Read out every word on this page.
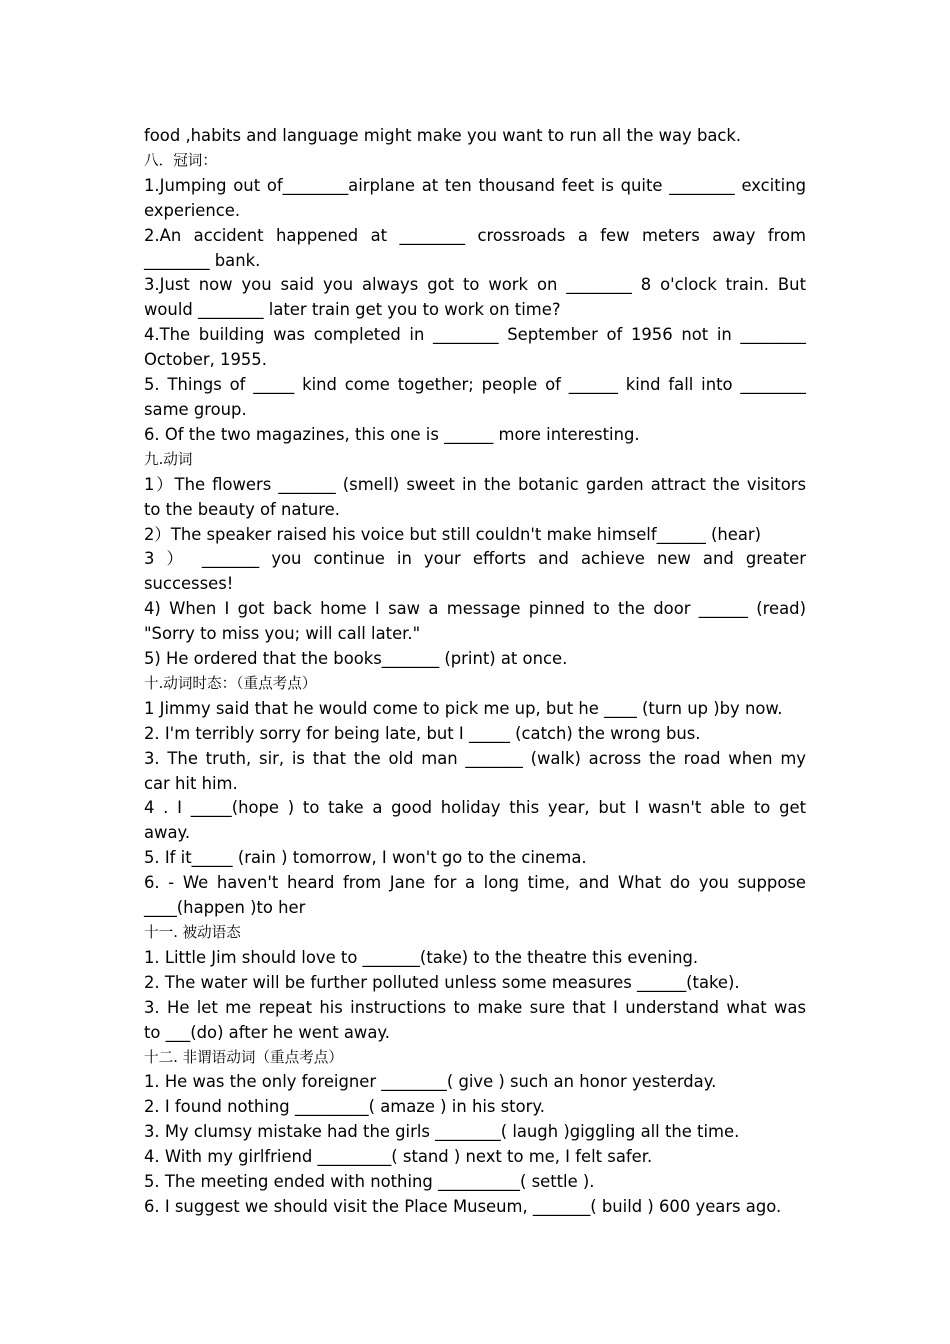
food ,habits and language might make you want to run all the way back.
八．冠词：
1.Jumping out of________airplane at ten thousand feet is quite ________ exciting
experience.
2.An accident happened at ________ crossroads a few meters away from
________ bank.
3.Just now you said you always got to work on ________ 8 o'clock train. But
would ________ later train get you to work on time?
4.The building was completed in ________ September of 1956 not in ________
October, 1955.
5. Things of _____ kind come together; people of ______ kind fall into ________
same group.
6. Of the two magazines, this one is ______ more interesting.
九.动词
1）The flowers _______ (smell) sweet in the botanic garden attract the visitors
to the beauty of nature.
2）The speaker raised his voice but still couldn't make himself______ (hear)
3 ） _______ you continue in your efforts and achieve new and greater
successes!
4) When I got back home I saw a message pinned to the door ______ (read)
"Sorry to miss you; will call later."
5) He ordered that the books_______ (print) at once.
十.动词时态：（重点考点）
1 Jimmy said that he would come to pick me up, but he ____ (turn up )by now.
2. I'm terribly sorry for being late, but I _____ (catch) the wrong bus.
3. The truth, sir, is that the old man _______ (walk) across the road when my
car hit him.
4 . I _____(hope ) to take a good holiday this year, but I wasn't able to get
away.
5. If it_____ (rain ) tomorrow, I won't go to the cinema.
6. - We haven't heard from Jane for a long time, and What do you suppose
____(happen )to her
十一. 被动语态
1. Little Jim should love to _______(take) to the theatre this evening.
2. The water will be further polluted unless some measures ______(take).
3. He let me repeat his instructions to make sure that I understand what was
to ___(do) after he went away.
十二. 非谓语动词（重点考点）
1. He was the only foreigner ________( give ) such an honor yesterday.
2. I found nothing _________( amaze ) in his story.
3. My clumsy mistake had the girls ________( laugh )giggling all the time.
4. With my girlfriend _________( stand ) next to me, I felt safer.
5. The meeting ended with nothing __________( settle ).
6. I suggest we should visit the Place Museum, _______( build ) 600 years ago.
